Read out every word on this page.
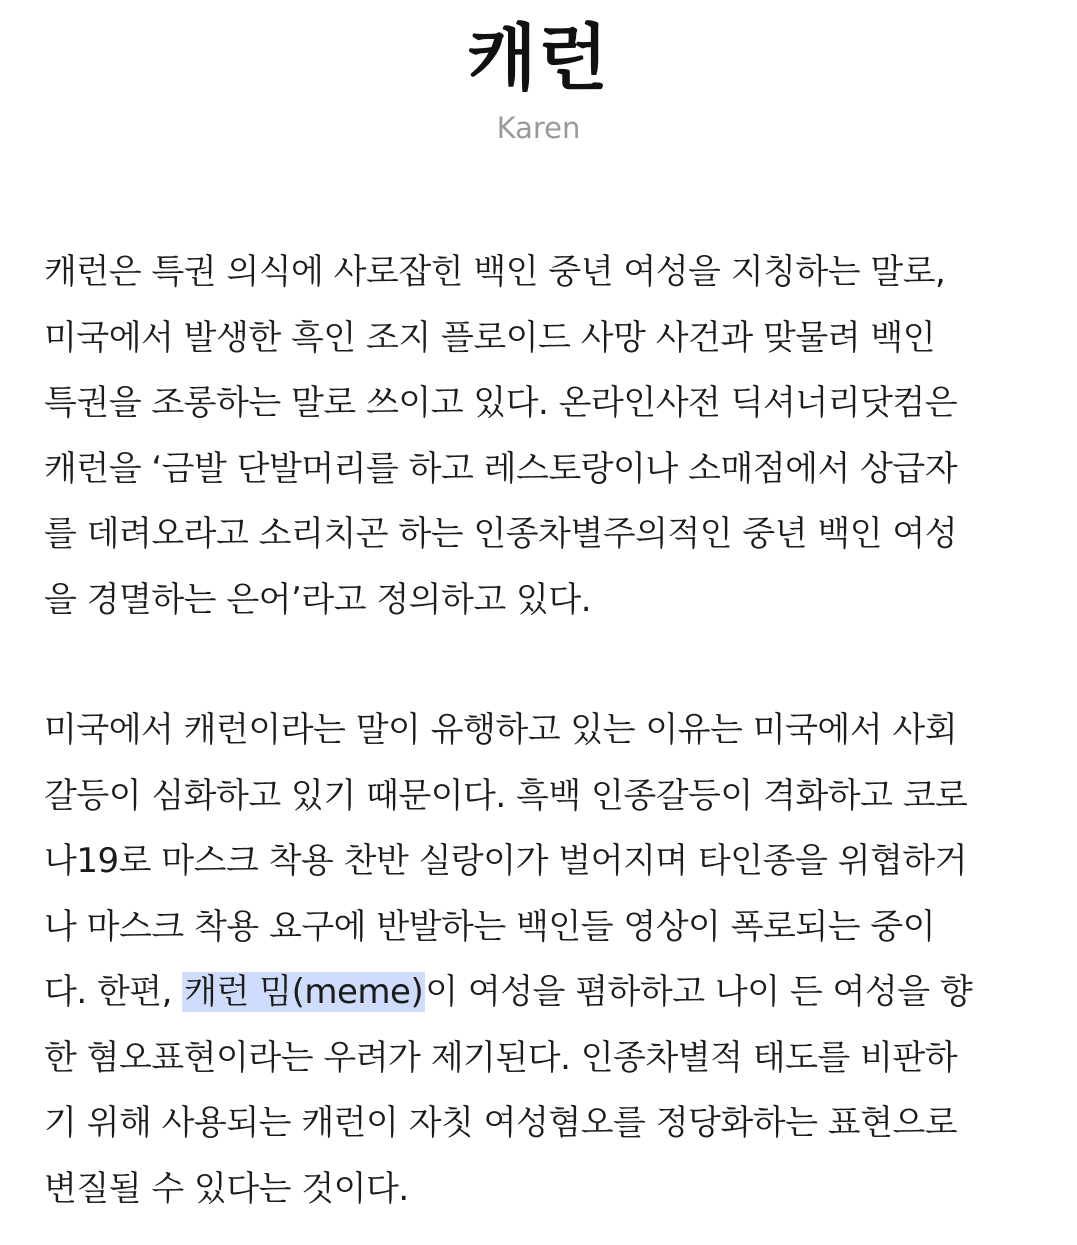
캐런
Karen
캐런은 특권 의식에 사로잡힌 백인 중년 여성을 지칭하는 말로,
미국에서 발생한 흑인 조지 플로이드 사망 사건과 맞물려 백인
특권을 조롱하는 말로 쓰이고 있다. 온라인사전 딕셔너리닷컴은
캐런을 ‘금발 단발머리를 하고 레스토랑이나 소매점에서 상급자
를 데려오라고 소리치곤 하는 인종차별주의적인 중년 백인 여성
을 경멸하는 은어’라고 정의하고 있다.
미국에서 캐런이라는 말이 유행하고 있는 이유는 미국에서 사회
갈등이 심화하고 있기 때문이다. 흑백 인종갈등이 격화하고 코로
나19로 마스크 착용 찬반 실랑이가 벌어지며 타인종을 위협하거
나 마스크 착용 요구에 반발하는 백인들 영상이 폭로되는 중이
다. 한편, 캐런 밈(meme)이 여성을 폄하하고 나이 든 여성을 향
한 혐오표현이라는 우려가 제기된다. 인종차별적 태도를 비판하
기 위해 사용되는 캐런이 자칫 여성혐오를 정당화하는 표현으로
변질될 수 있다는 것이다.
